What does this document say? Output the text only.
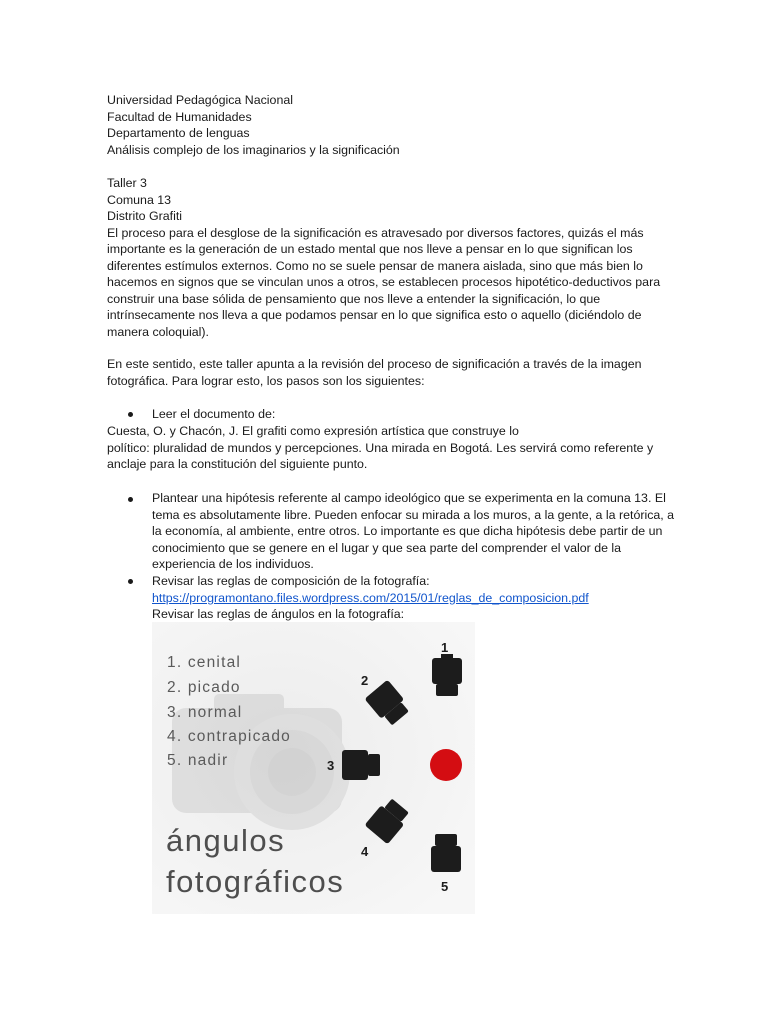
Universidad Pedagógica Nacional
Facultad de Humanidades
Departamento de lenguas
Análisis complejo de los imaginarios y la significación
Taller 3
Comuna 13
Distrito Grafiti
El proceso para el desglose de la significación es atravesado por diversos factores, quizás el más
importante es la generación de un estado mental que nos lleve a pensar en lo que significan los
diferentes estímulos externos. Como no se suele pensar de manera aislada, sino que más bien lo
hacemos en signos que se vinculan unos a otros, se establecen procesos hipotético-deductivos para
construir una base sólida de pensamiento que nos lleve a entender la significación, lo que
intrínsecamente nos lleva a que podamos pensar en lo que significa esto o aquello (diciéndolo de
manera coloquial).
En este sentido, este taller apunta a la revisión del proceso de significación a través de la imagen
fotográfica. Para lograr esto, los pasos son los siguientes:
Leer el documento de:
Cuesta, O. y Chacón, J. El grafiti como expresión artística que construye lo
político: pluralidad de mundos y percepciones. Una mirada en Bogotá. Les servirá como referente y
anclaje para la constitución del siguiente punto.
Plantear una hipótesis referente al campo ideológico que se experimenta en la comuna 13. El
tema es absolutamente libre. Pueden enfocar su mirada a los muros, a la gente, a la retórica, a
la economía, al ambiente, entre otros. Lo importante es que dicha hipótesis debe partir de un
conocimiento que se genere en el lugar y que sea parte del comprender el valor de la
experiencia de los individuos.
Revisar las reglas de composición de la fotografía:
https://programontano.files.wordpress.com/2015/01/reglas_de_composicion.pdf
Revisar las reglas de ángulos en la fotografía:
1. cenital
2. picado
3. normal
4. contrapicado
5. nadir
ángulos
fotográficos
1
2
3
4
5
